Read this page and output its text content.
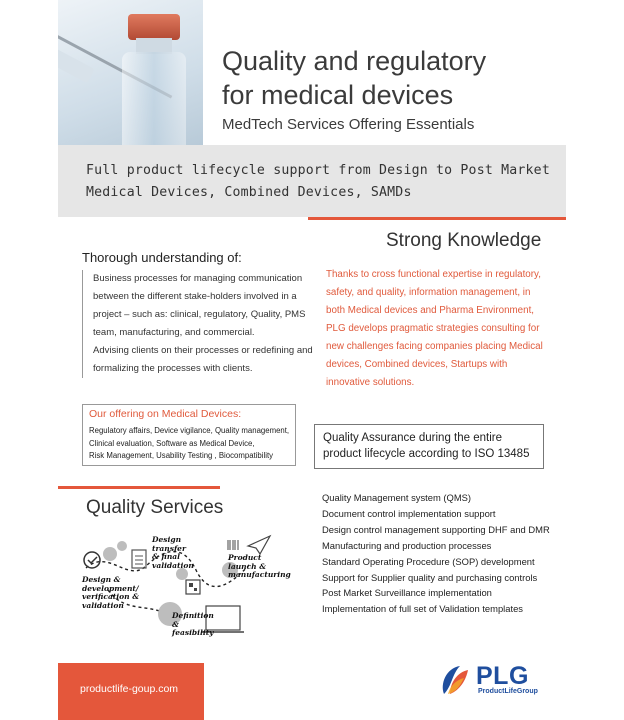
Quality and regulatory
for medical devices
MedTech Services Offering Essentials
Full product lifecycle support from Design to Post Market
Medical Devices, Combined Devices, SAMDs
Strong Knowledge
Thorough understanding of:

Business processes for managing communication between the different stake-holders involved in a project – such as: clinical, regulatory, Quality, PMS team, manufacturing, and commercial.

Advising clients on their processes or redefining and formalizing the processes with clients.

Thanks to cross functional expertise in regulatory, safety, and quality, information management, in both Medical devices and Pharma Environment, PLG develops pragmatic strategies consulting for new challenges facing companies placing Medical devices, Combined devices, Startups with innovative solutions.
Our offering on Medical Devices:
Regulatory affairs, Device vigilance, Quality management,
Clinical evaluation, Software as Medical Device,
Risk Management, Usability Testing , Biocompatibility
Quality Assurance during the entire
product lifecycle according to ISO 13485
Quality Services	Quality Management system (QMS)
Document control implementation support
Design control management supporting DHF and DMR
Manufacturing and production processes
Standard Operating Procedure (SOP) development
Support for Supplier quality and purchasing controls
Post Market Surveillance implementation
Implementation of full set of Validation templates
Design
transfer
& final
validation
Product
launch &
manufacturing
Design &
development/
verification &
validation
Definition
&
feasibility
productlife-goup.com	PLG
ProductLifeGroup
